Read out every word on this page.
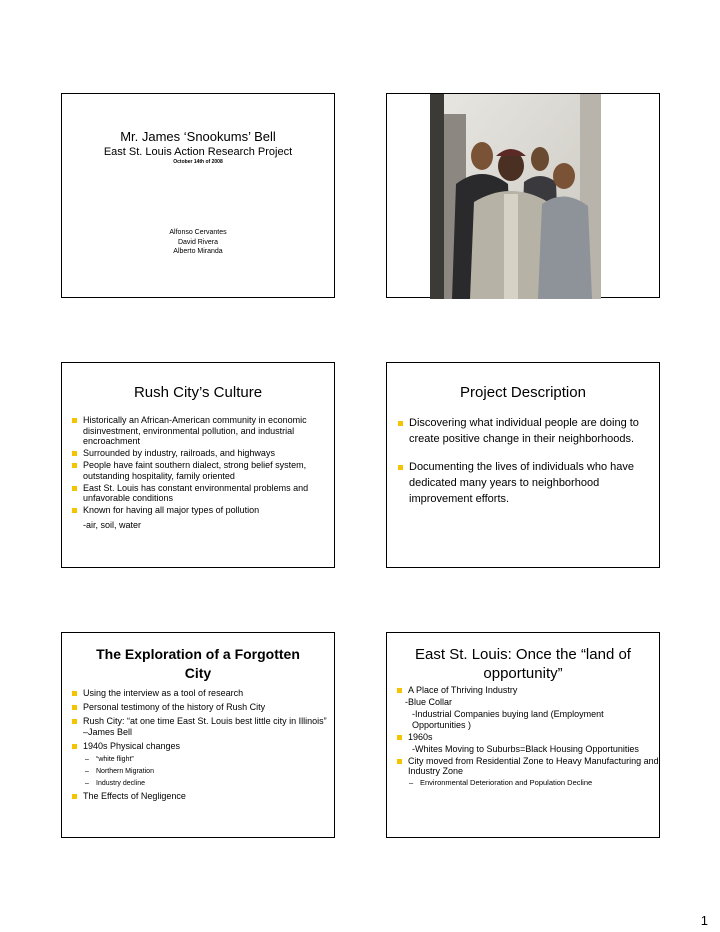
Mr. James ‘Snookums’ Bell
East St. Louis Action Research Project
October 14th of 2008
Alfonso Cervantes
David Rivera
Alberto Miranda
Rush City’s Culture
Historically an African-American community in economic disinvestment, environmental pollution, and industrial encroachment
Surrounded by industry, railroads, and highways
People have faint southern dialect, strong belief system, outstanding hospitality, family oriented
East St. Louis has constant environmental problems and unfavorable conditions
Known for having all major types of pollution
-air, soil, water
Project Description
Discovering what individual people are doing to create positive change in their neighborhoods.
Documenting the lives of individuals who have dedicated many years to neighborhood improvement efforts.
The Exploration of a Forgotten City
Using the interview as a tool of research
Personal testimony of the history of Rush City
Rush City: “at one time East St. Louis best little city in Illinois” –James Bell
1940s Physical changes
– “white flight”
– Northern Migration
– Industry decline
The Effects of Negligence
East St. Louis: Once the “land of opportunity”
A Place of Thriving Industry
-Blue Collar
-Industrial Companies buying land (Employment Opportunities )
1960s
-Whites Moving to Suburbs=Black Housing Opportunities
City moved from Residential Zone to Heavy Manufacturing and Industry Zone
– Environmental Deterioration and Population Decline
1
